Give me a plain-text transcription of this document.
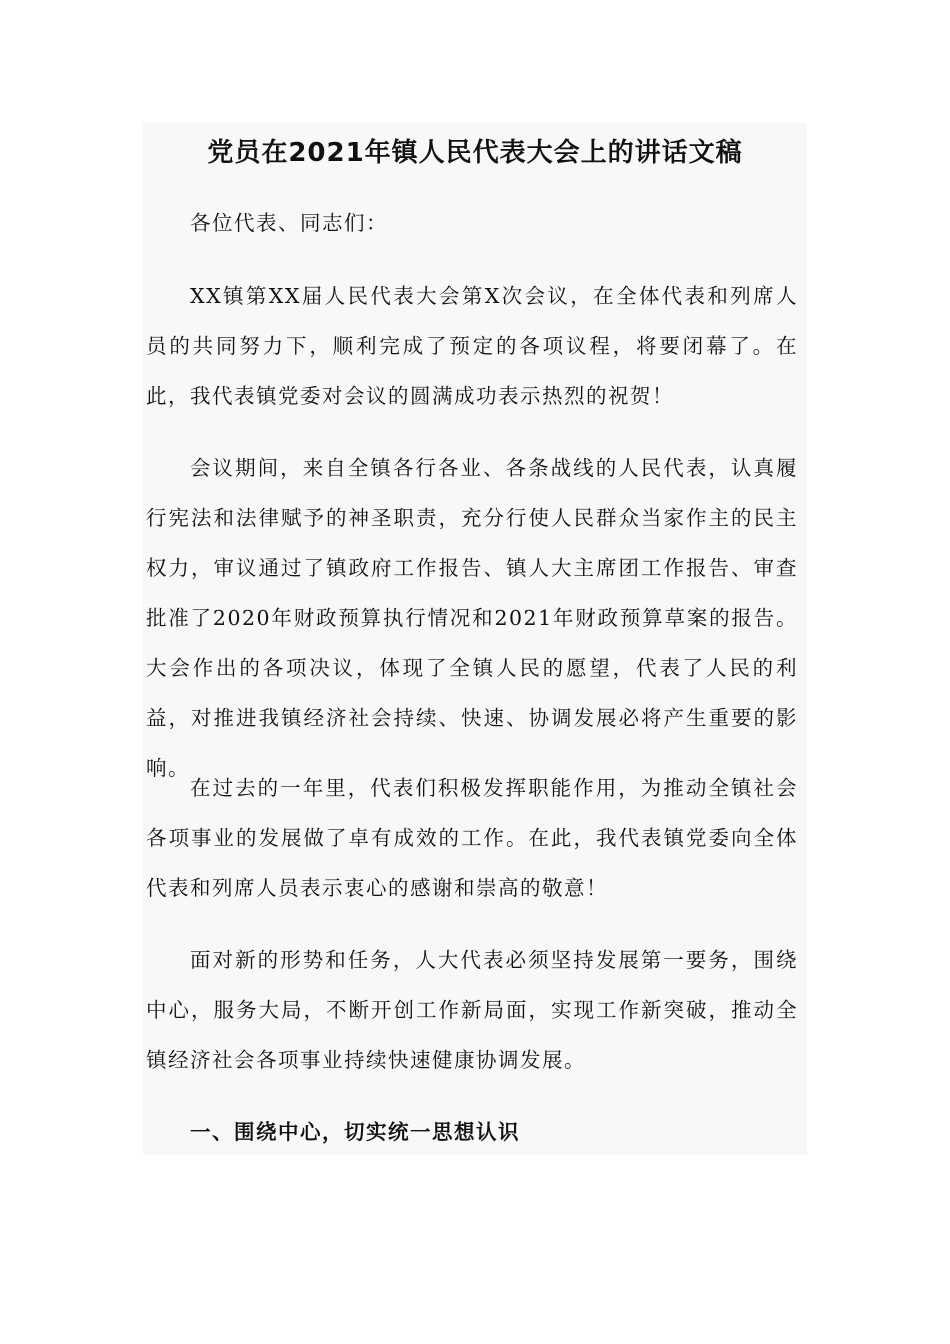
党员在2021年镇人民代表大会上的讲话文稿

各位代表、同志们：

XX镇第XX届人民代表大会第X次会议，在全体代表和列席人员的共同努力下，顺利完成了预定的各项议程，将要闭幕了。在此，我代表镇党委对会议的圆满成功表示热烈的祝贺！

会议期间，来自全镇各行各业、各条战线的人民代表，认真履行宪法和法律赋予的神圣职责，充分行使人民群众当家作主的民主权力，审议通过了镇政府工作报告、镇人大主席团工作报告、审查批准了2020年财政预算执行情况和2021年财政预算草案的报告。大会作出的各项决议，体现了全镇人民的愿望，代表了人民的利益，对推进我镇经济社会持续、快速、协调发展必将产生重要的影响。

在过去的一年里，代表们积极发挥职能作用，为推动全镇社会各项事业的发展做了卓有成效的工作。在此，我代表镇党委向全体代表和列席人员表示衷心的感谢和崇高的敬意！

面对新的形势和任务，人大代表必须坚持发展第一要务，围绕中心，服务大局，不断开创工作新局面，实现工作新突破，推动全镇经济社会各项事业持续快速健康协调发展。

一、围绕中心，切实统一思想认识
